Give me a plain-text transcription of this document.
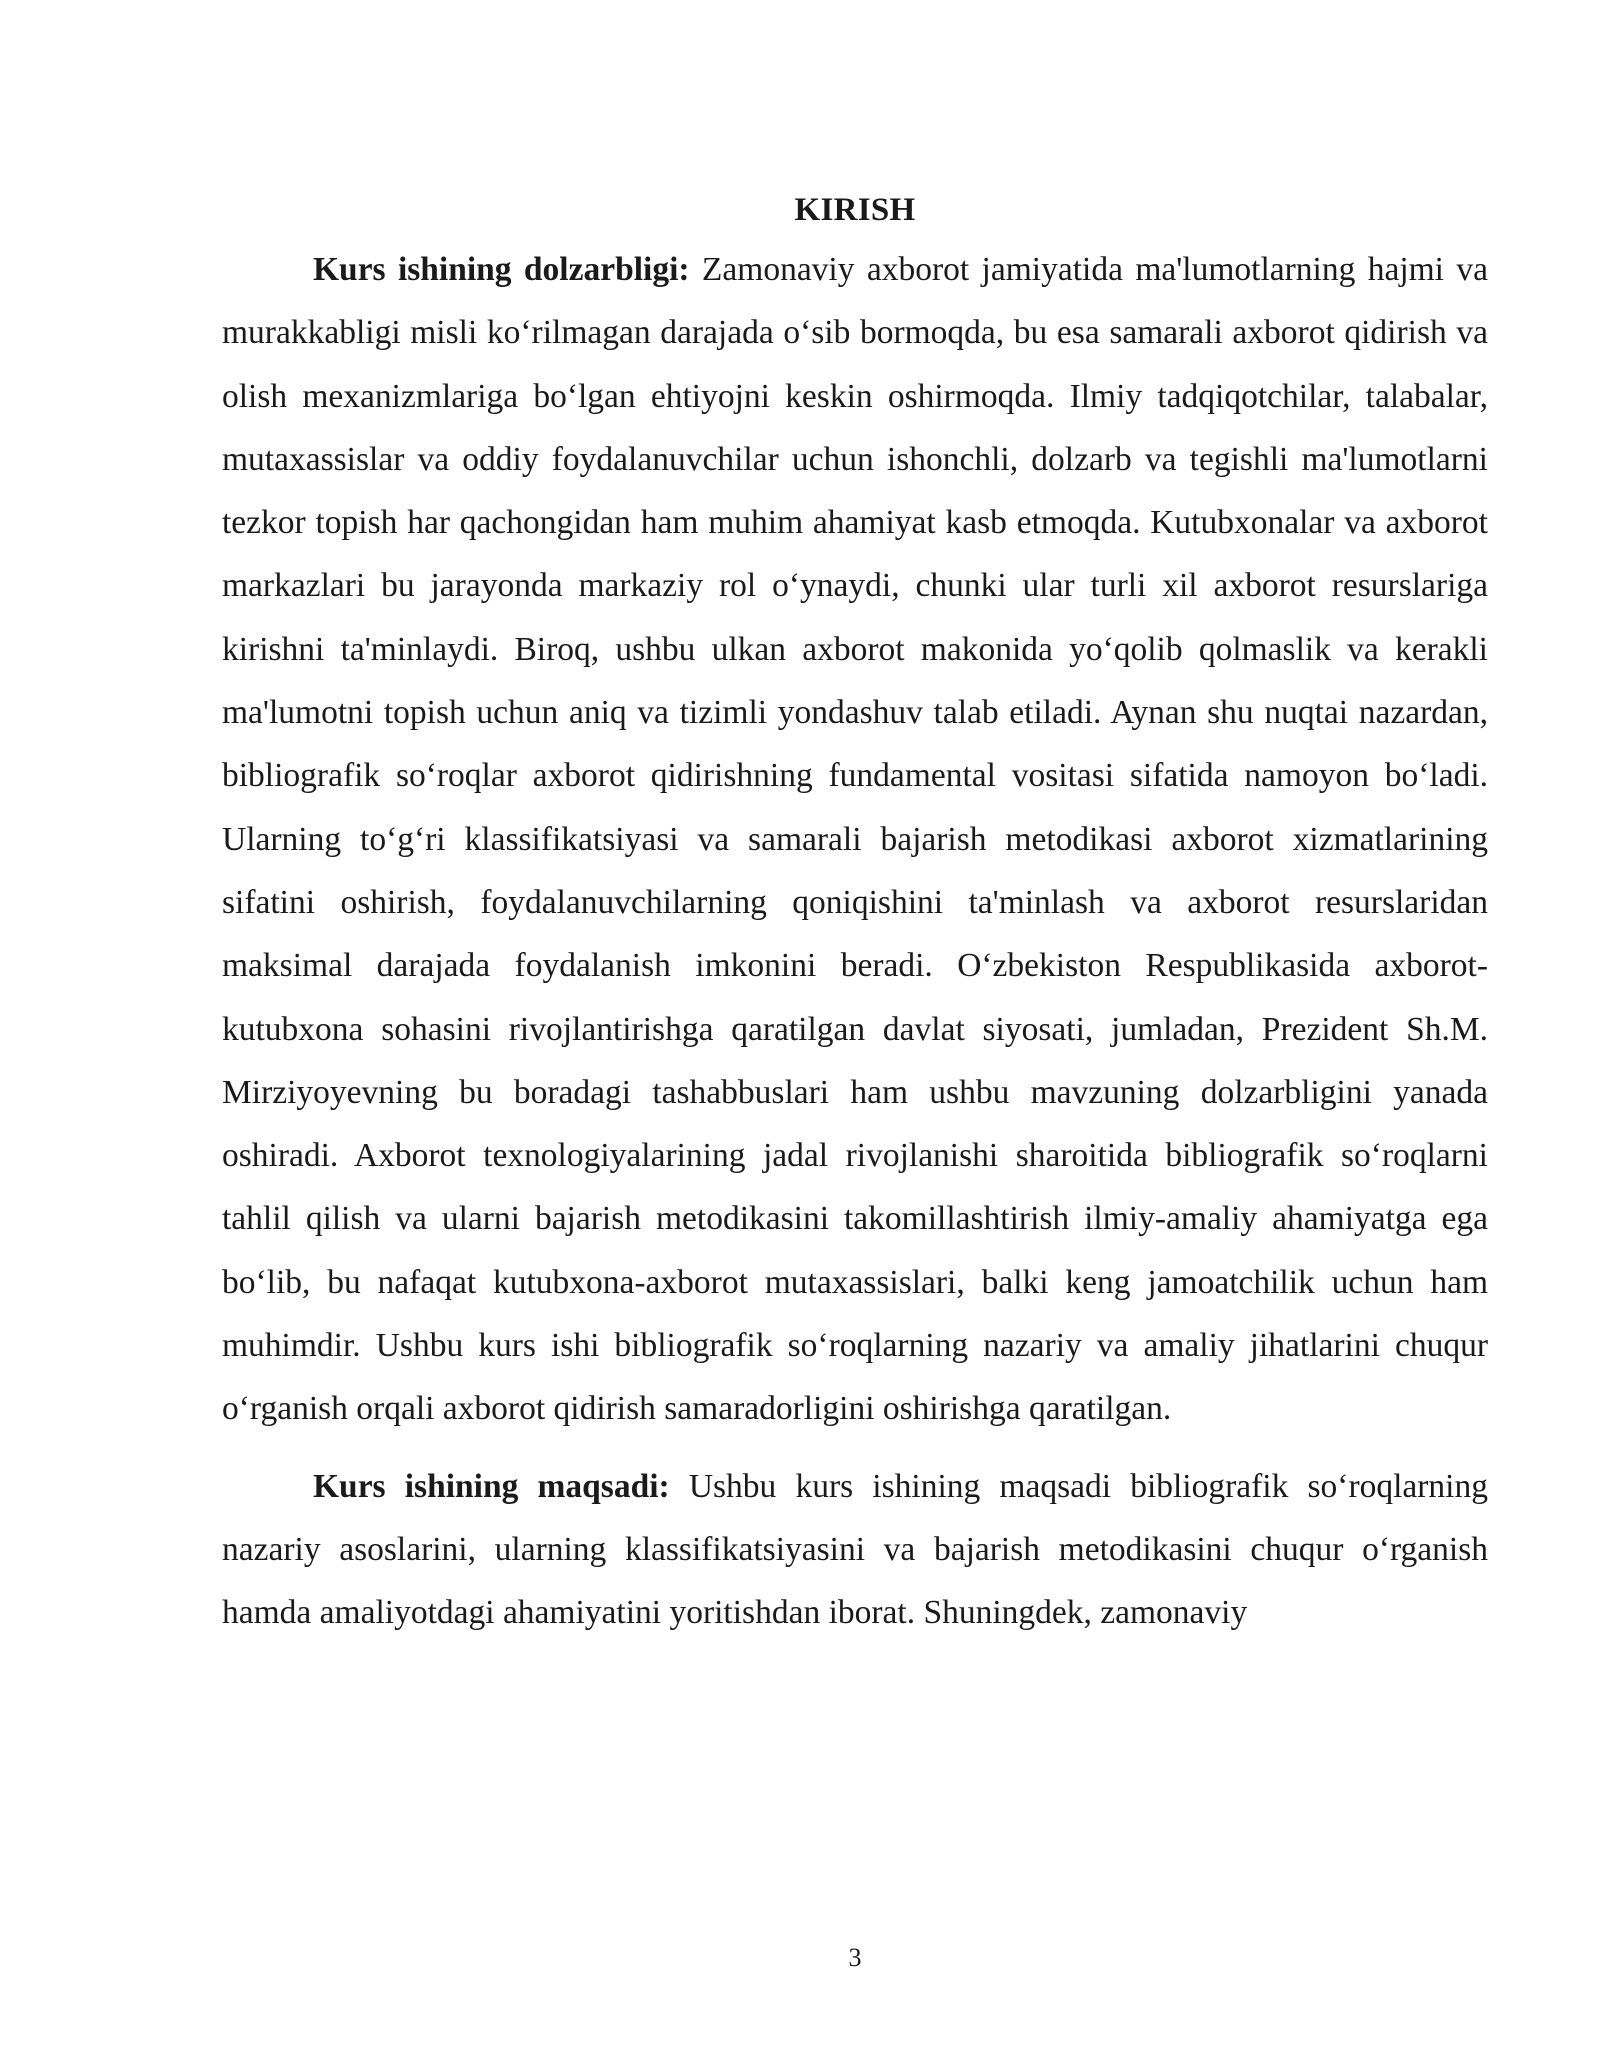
KIRISH

Kurs ishining dolzarbligi: Zamonaviy axborot jamiyatida ma'lumotlarning hajmi va murakkabligi misli ko‘rilmagan darajada o‘sib bormoqda, bu esa samarali axborot qidirish va olish mexanizmlariga bo‘lgan ehtiyojni keskin oshirmoqda. Ilmiy tadqiqotchilar, talabalar, mutaxassislar va oddiy foydalanuvchilar uchun ishonchli, dolzarb va tegishli ma'lumotlarni tezkor topish har qachongidan ham muhim ahamiyat kasb etmoqda. Kutubxonalar va axborot markazlari bu jarayonda markaziy rol o‘ynaydi, chunki ular turli xil axborot resurslariga kirishni ta'minlaydi. Biroq, ushbu ulkan axborot makonida yo‘qolib qolmaslik va kerakli ma'lumotni topish uchun aniq va tizimli yondashuv talab etiladi. Aynan shu nuqtai nazardan, bibliografik so‘roqlar axborot qidirishning fundamental vositasi sifatida namoyon bo‘ladi. Ularning to‘g‘ri klassifikatsiyasi va samarali bajarish metodikasi axborot xizmatlarining sifatini oshirish, foydalanuvchilarning qoniqishini ta'minlash va axborot resurslaridan maksimal darajada foydalanish imkonini beradi. O‘zbekiston Respublikasida axborot-kutubxona sohasini rivojlantirishga qaratilgan davlat siyosati, jumladan, Prezident Sh.M. Mirziyoyevning bu boradagi tashabbuslari ham ushbu mavzuning dolzarbligini yanada oshiradi. Axborot texnologiyalarining jadal rivojlanishi sharoitida bibliografik so‘roqlarni tahlil qilish va ularni bajarish metodikasini takomillashtirish ilmiy-amaliy ahamiyatga ega bo‘lib, bu nafaqat kutubxona-axborot mutaxassislari, balki keng jamoatchilik uchun ham muhimdir. Ushbu kurs ishi bibliografik so‘roqlarning nazariy va amaliy jihatlarini chuqur o‘rganish orqali axborot qidirish samaradorligini oshirishga qaratilgan.

Kurs ishining maqsadi: Ushbu kurs ishining maqsadi bibliografik so‘roqlarning nazariy asoslarini, ularning klassifikatsiyasini va bajarish metodikasini chuqur o‘rganish hamda amaliyotdagi ahamiyatini yoritishdan iborat. Shuningdek, zamonaviy

3
